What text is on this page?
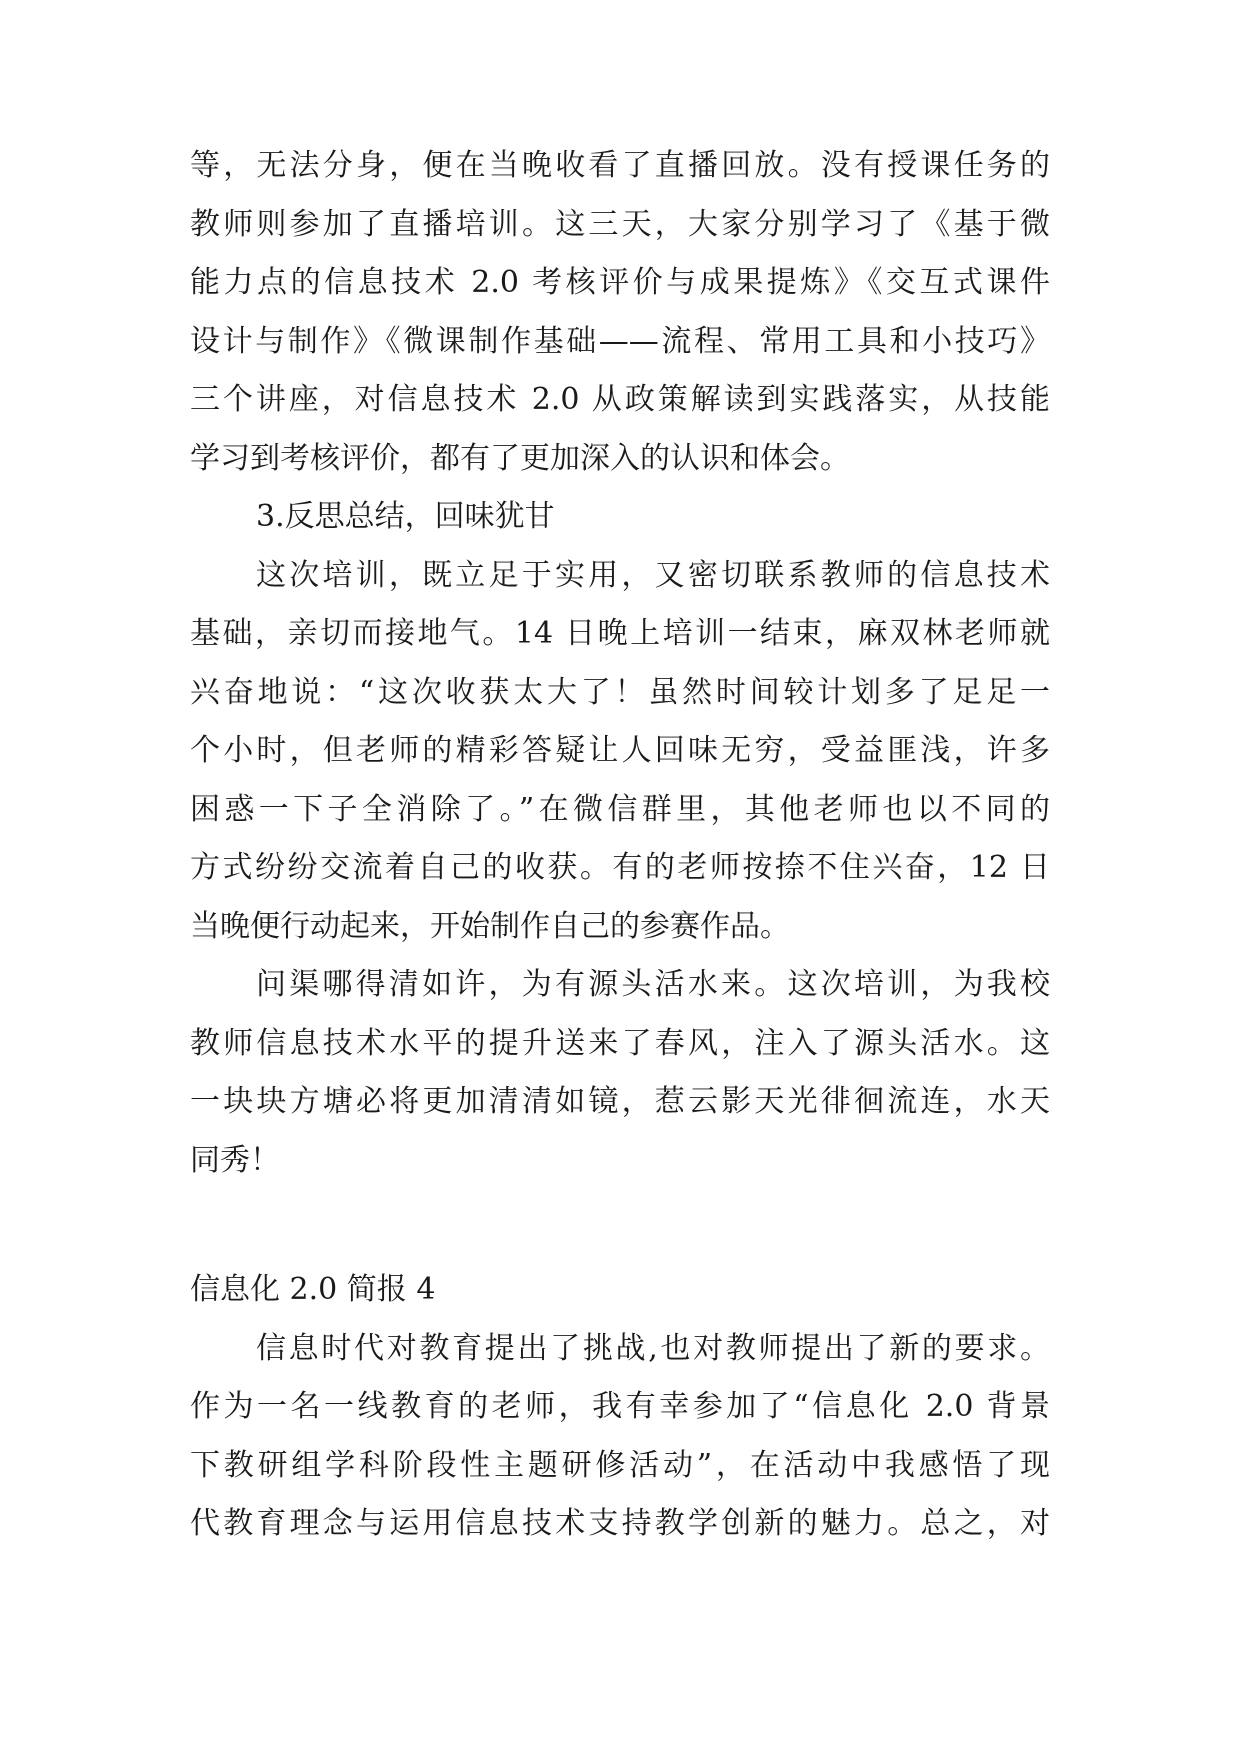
等，无法分身，便在当晚收看了直播回放。没有授课任务的
教师则参加了直播培训。这三天，大家分别学习了《基于微
能力点的信息技术 2.0 考核评价与成果提炼》《交互式课件
设计与制作》《微课制作基础——流程、常用工具和小技巧》
三个讲座，对信息技术 2.0 从政策解读到实践落实，从技能
学习到考核评价，都有了更加深入的认识和体会。
3.反思总结，回味犹甘
这次培训，既立足于实用，又密切联系教师的信息技术
基础，亲切而接地气。14 日晚上培训一结束，麻双林老师就
兴奋地说：“这次收获太大了！虽然时间较计划多了足足一
个小时，但老师的精彩答疑让人回味无穷，受益匪浅，许多
困惑一下子全消除了。”在微信群里，其他老师也以不同的
方式纷纷交流着自己的收获。有的老师按捺不住兴奋，12 日
当晚便行动起来，开始制作自己的参赛作品。
问渠哪得清如许，为有源头活水来。这次培训，为我校
教师信息技术水平的提升送来了春风，注入了源头活水。这
一块块方塘必将更加清清如镜，惹云影天光徘徊流连，水天
同秀！
信息化 2.0 简报 4
信息时代对教育提出了挑战,也对教师提出了新的要求。
作为一名一线教育的老师，我有幸参加了“信息化 2.0 背景
下教研组学科阶段性主题研修活动”，在活动中我感悟了现
代教育理念与运用信息技术支持教学创新的魅力。总之，对
